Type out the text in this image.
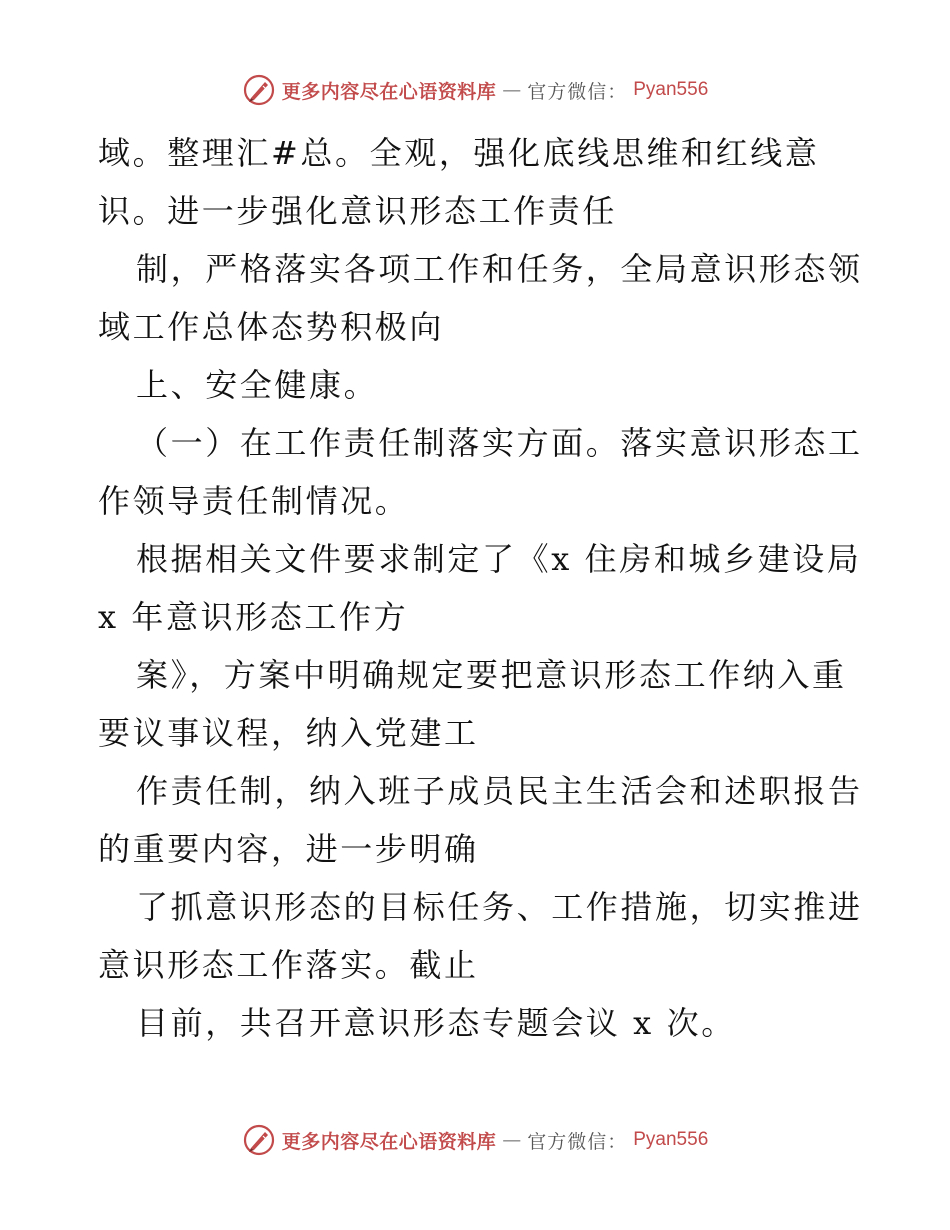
更多内容尽在心语资料库 — 官方微信： Pyan556
域。整理汇#总。全观，强化底线思维和红线意
识。进一步强化意识形态工作责任
制，严格落实各项工作和任务，全局意识形态领
域工作总体态势积极向
上、安全健康。
（一）在工作责任制落实方面。落实意识形态工
作领导责任制情况。
根据相关文件要求制定了《x 住房和城乡建设局
x 年意识形态工作方
案》，方案中明确规定要把意识形态工作纳入重
要议事议程，纳入党建工
作责任制，纳入班子成员民主生活会和述职报告
的重要内容，进一步明确
了抓意识形态的目标任务、工作措施，切实推进
意识形态工作落实。截止
目前，共召开意识形态专题会议 x 次。
更多内容尽在心语资料库 — 官方微信： Pyan556
